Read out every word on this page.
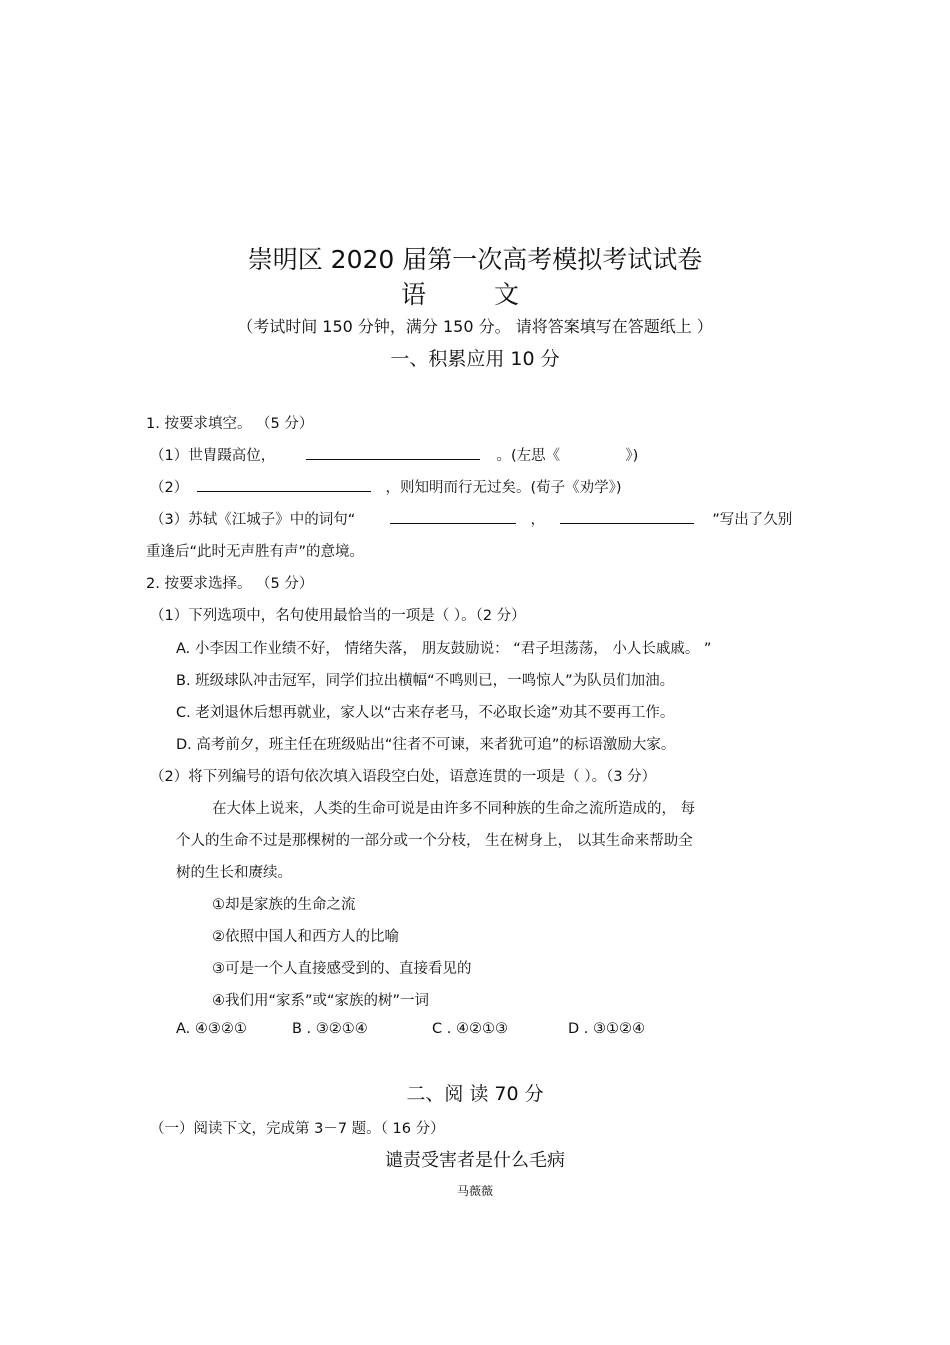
崇明区 2020 届第一次高考模拟考试试卷
语 文
（考试时间 150 分钟，满分 150 分。 请将答案填写在答题纸上 ）
一、积累应用 10 分
1. 按要求填空。 （5 分）
（1）世胄蹑高位，	。(左思《	》)
（2）	，则知明而行无过矣。(荀子《劝学》)
（3）苏轼《江城子》中的词句“	，	”写出了久别
重逢后“此时无声胜有声”的意境。
2. 按要求选择。 （5 分）
（1）下列选项中，名句使用最恰当的一项是（ ）。（2 分）
A. 小李因工作业绩不好， 情绪失落， 朋友鼓励说： “君子坦荡荡， 小人长戚戚。 ”
B. 班级球队冲击冠军，同学们拉出横幅“不鸣则已，一鸣惊人”为队员们加油。
C. 老刘退休后想再就业，家人以“古来存老马，不必取长途”劝其不要再工作。
D. 高考前夕，班主任在班级贴出“往者不可谏，来者犹可追”的标语激励大家。
（2）将下列编号的语句依次填入语段空白处，语意连贯的一项是（ ）。（3 分）
在大体上说来，人类的生命可说是由许多不同种族的生命之流所造成的， 每
个人的生命不过是那棵树的一部分或一个分枝， 生在树身上， 以其生命来帮助全
树的生长和赓续。
①却是家族的生命之流
②依照中国人和西方人的比喻
③可是一个人直接感受到的、直接看见的
④我们用“家系”或“家族的树”一词
A. ④③②①	B . ③②①④	C . ④②①③	D . ③①②④
二、阅 读 70 分
（一）阅读下文，完成第 3－7 题。（ 16 分）
谴责受害者是什么毛病
马薇薇
